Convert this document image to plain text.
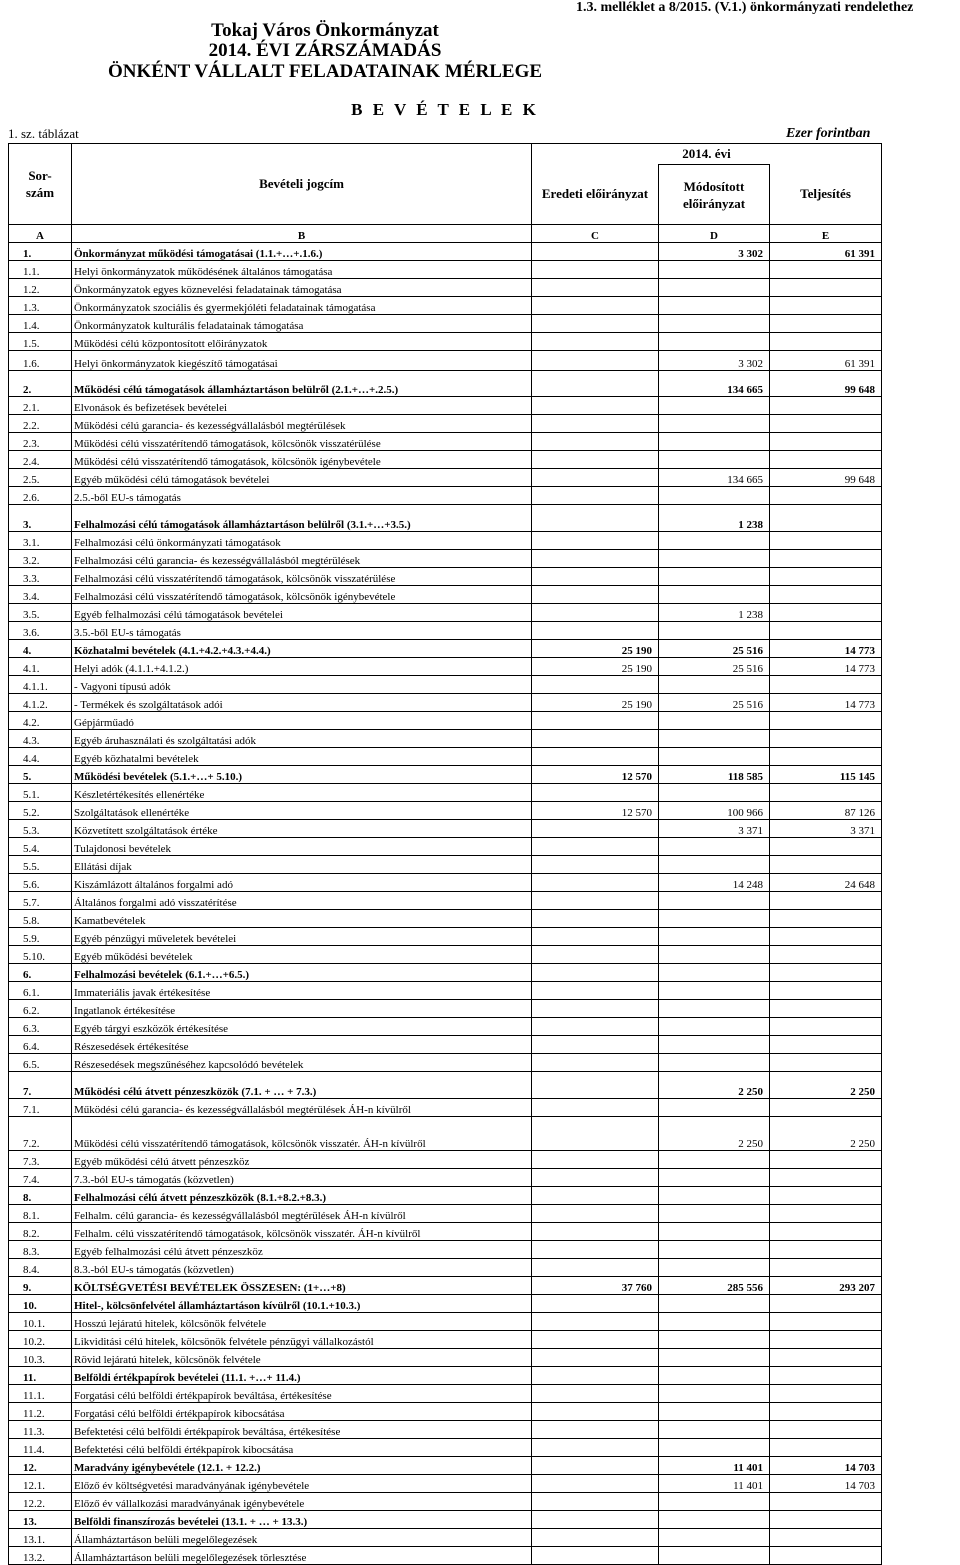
1.3. melléklet a 8/2015. (V.1.) önkormányzati rendelethez
Tokaj Város Önkormányzat
2014. ÉVI ZÁRSZÁMADÁS
ÖNKÉNT VÁLLALT FELADATAINAK MÉRLEGE
B E V É T E L E K
1. sz. táblázat	Ezer forintban
Sor-
szám	Bevételi jogcím	2014. évi		
		Eredeti előirányzat	Módosított előirányzat	Teljesítés
A	B	C	D	E
1.	Önkormányzat működési támogatásai (1.1.+…+.1.6.)		3 302	61 391
1.1.	Helyi önkormányzatok működésének általános támogatása			
1.2.	Önkormányzatok egyes köznevelési feladatainak támogatása			
1.3.	Önkormányzatok szociális és gyermekjóléti feladatainak támogatása			
1.4.	Önkormányzatok kulturális feladatainak támogatása			
1.5.	Működési célú központosított előirányzatok			
1.6.	Helyi önkormányzatok kiegészítő támogatásai		3 302	61 391
2.	Működési célú támogatások államháztartáson belülről (2.1.+…+.2.5.)		134 665	99 648
2.1.	Elvonások és befizetések bevételei			
2.2.	Működési célú garancia- és kezességvállalásból megtérülések			
2.3.	Működési célú visszatérítendő támogatások, kölcsönök visszatérülése			
2.4.	Működési célú visszatérítendő támogatások, kölcsönök igénybevétele			
2.5.	Egyéb működési célú támogatások bevételei		134 665	99 648
2.6.	2.5.-ből EU-s támogatás			
3.	Felhalmozási célú támogatások államháztartáson belülről (3.1.+…+3.5.)		1 238	
3.1.	Felhalmozási célú önkormányzati támogatások			
3.2.	Felhalmozási célú garancia- és kezességvállalásból megtérülések			
3.3.	Felhalmozási célú visszatérítendő támogatások, kölcsönök visszatérülése			
3.4.	Felhalmozási célú visszatérítendő támogatások, kölcsönök igénybevétele			
3.5.	Egyéb felhalmozási célú támogatások bevételei		1 238	
3.6.	3.5.-ből EU-s támogatás			
4.	Közhatalmi bevételek (4.1.+4.2.+4.3.+4.4.)	25 190	25 516	14 773
4.1.	Helyi adók (4.1.1.+4.1.2.)	25 190	25 516	14 773
4.1.1.	- Vagyoni típusú adók			
4.1.2.	- Termékek és szolgáltatások adói	25 190	25 516	14 773
4.2.	Gépjárműadó			
4.3.	Egyéb áruhasználati és szolgáltatási adók			
4.4.	Egyéb közhatalmi bevételek			
5.	Működési bevételek (5.1.+…+ 5.10.)	12 570	118 585	115 145
5.1.	Készletértékesítés ellenértéke			
5.2.	Szolgáltatások ellenértéke	12 570	100 966	87 126
5.3.	Közvetített szolgáltatások értéke		3 371	3 371
5.4.	Tulajdonosi bevételek			
5.5.	Ellátási díjak			
5.6.	Kiszámlázott általános forgalmi adó		14 248	24 648
5.7.	Általános forgalmi adó visszatérítése			
5.8.	Kamatbevételek			
5.9.	Egyéb pénzügyi műveletek bevételei			
5.10.	Egyéb működési bevételek			
6.	Felhalmozási bevételek (6.1.+…+6.5.)			
6.1.	Immateriális javak értékesítése			
6.2.	Ingatlanok értékesítése			
6.3.	Egyéb tárgyi eszközök értékesítése			
6.4.	Részesedések értékesítése			
6.5.	Részesedések megszűnéséhez kapcsolódó bevételek			
7.	Működési célú átvett pénzeszközök (7.1. + … + 7.3.)		2 250	2 250
7.1.	Működési célú garancia- és kezességvállalásból megtérülések ÁH-n kívülről			
7.2.	Működési célú visszatérítendő támogatások, kölcsönök visszatér. ÁH-n kívülről		2 250	2 250
7.3.	Egyéb működési célú átvett pénzeszköz			
7.4.	7.3.-ból EU-s támogatás (közvetlen)			
8.	Felhalmozási célú átvett pénzeszközök (8.1.+8.2.+8.3.)			
8.1.	Felhalm. célú garancia- és kezességvállalásból megtérülések ÁH-n kívülről			
8.2.	Felhalm. célú visszatérítendő támogatások, kölcsönök visszatér. ÁH-n kívülről			
8.3.	Egyéb felhalmozási célú átvett pénzeszköz			
8.4.	8.3.-ból EU-s támogatás (közvetlen)			
9.	KÖLTSÉGVETÉSI BEVÉTELEK ÖSSZESEN: (1+…+8)	37 760	285 556	293 207
10.	Hitel-, kölcsönfelvétel államháztartáson kívülről (10.1.+10.3.)			
10.1.	Hosszú lejáratú hitelek, kölcsönök felvétele			
10.2.	Likviditási célú hitelek, kölcsönök felvétele pénzügyi vállalkozástól			
10.3.	Rövid lejáratú hitelek, kölcsönök felvétele			
11.	Belföldi értékpapírok bevételei (11.1. +…+ 11.4.)			
11.1.	Forgatási célú belföldi értékpapírok beváltása, értékesítése			
11.2.	Forgatási célú belföldi értékpapírok kibocsátása			
11.3.	Befektetési célú belföldi értékpapírok beváltása, értékesítése			
11.4.	Befektetési célú belföldi értékpapírok kibocsátása			
12.	Maradvány igénybevétele (12.1. + 12.2.)		11 401	14 703
12.1.	Előző év költségvetési maradványának igénybevétele		11 401	14 703
12.2.	Előző év vállalkozási maradványának igénybevétele			
13.	Belföldi finanszírozás bevételei (13.1. + … + 13.3.)			
13.1.	Államháztartáson belüli megelőlegezések			
13.2.	Államháztartáson belüli megelőlegezések törlesztése			
